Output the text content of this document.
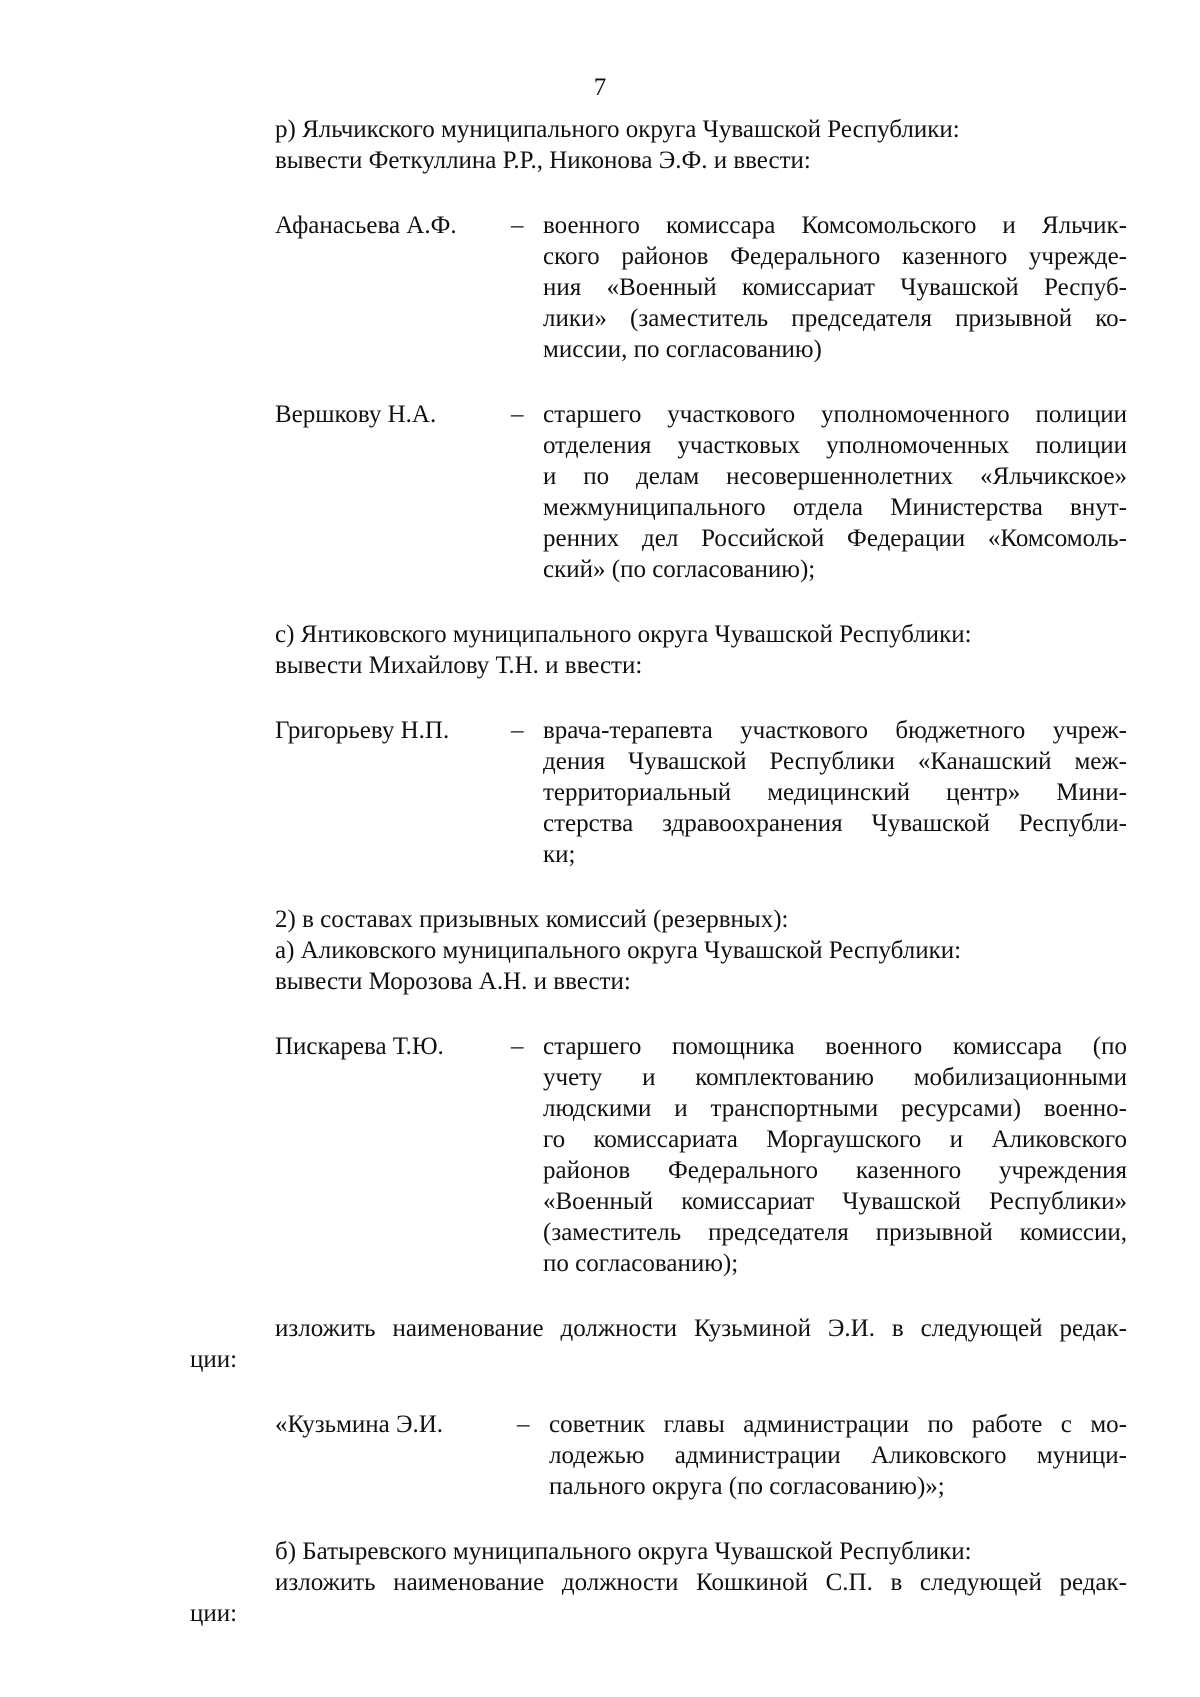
7

р) Яльчикского муниципального округа Чувашской Республики:

вывести Феткуллина Р.Р., Никонова Э.Ф. и ввести:

Афанасьева А.Ф.	– военного комиссара Комсомольского и Яльчик-
ского районов Федерального казенного учрежде-
ния «Военный комиссариат Чувашской Респуб-
лики» (заместитель председателя призывной ко-
миссии, по согласованию)
Вершкову Н.А.	– старшего участкового уполномоченного полиции
отделения участковых уполномоченных полиции
и по делам несовершеннолетних «Яльчикское»
межмуниципального отдела Министерства внут-
ренних дел Российской Федерации «Комсомоль-
ский» (по согласованию);

с) Янтиковского муниципального округа Чувашской Республики:

вывести Михайлову Т.Н. и ввести:

Григорьеву Н.П.	– врача-терапевта участкового бюджетного учреж-
дения Чувашской Республики «Канашский меж-
территориальный медицинский центр» Мини-
стерства здравоохранения Чувашской Республи-
ки;

2) в составах призывных комиссий (резервных):

а) Аликовского муниципального округа Чувашской Республики:

вывести Морозова А.Н. и ввести:

Пискарева Т.Ю.	– старшего помощника военного комиссара (по
учету и комплектованию мобилизационными
людскими и транспортными ресурсами) военно-
го комиссариата Моргаушского и Аликовского
районов Федерального казенного учреждения
«Военный комиссариат Чувашской Республики»
(заместитель председателя призывной комиссии,
по согласованию);
изложить наименование должности Кузьминой Э.И. в следующей редак-
ции:
«Кузьмина Э.И.	– советник главы администрации по работе с мо-
лодежью администрации Аликовского муници-
пального округа (по согласованию)»;

б) Батыревского муниципального округа Чувашской Республики:

изложить наименование должности Кошкиной С.П. в следующей редак-
ции:
